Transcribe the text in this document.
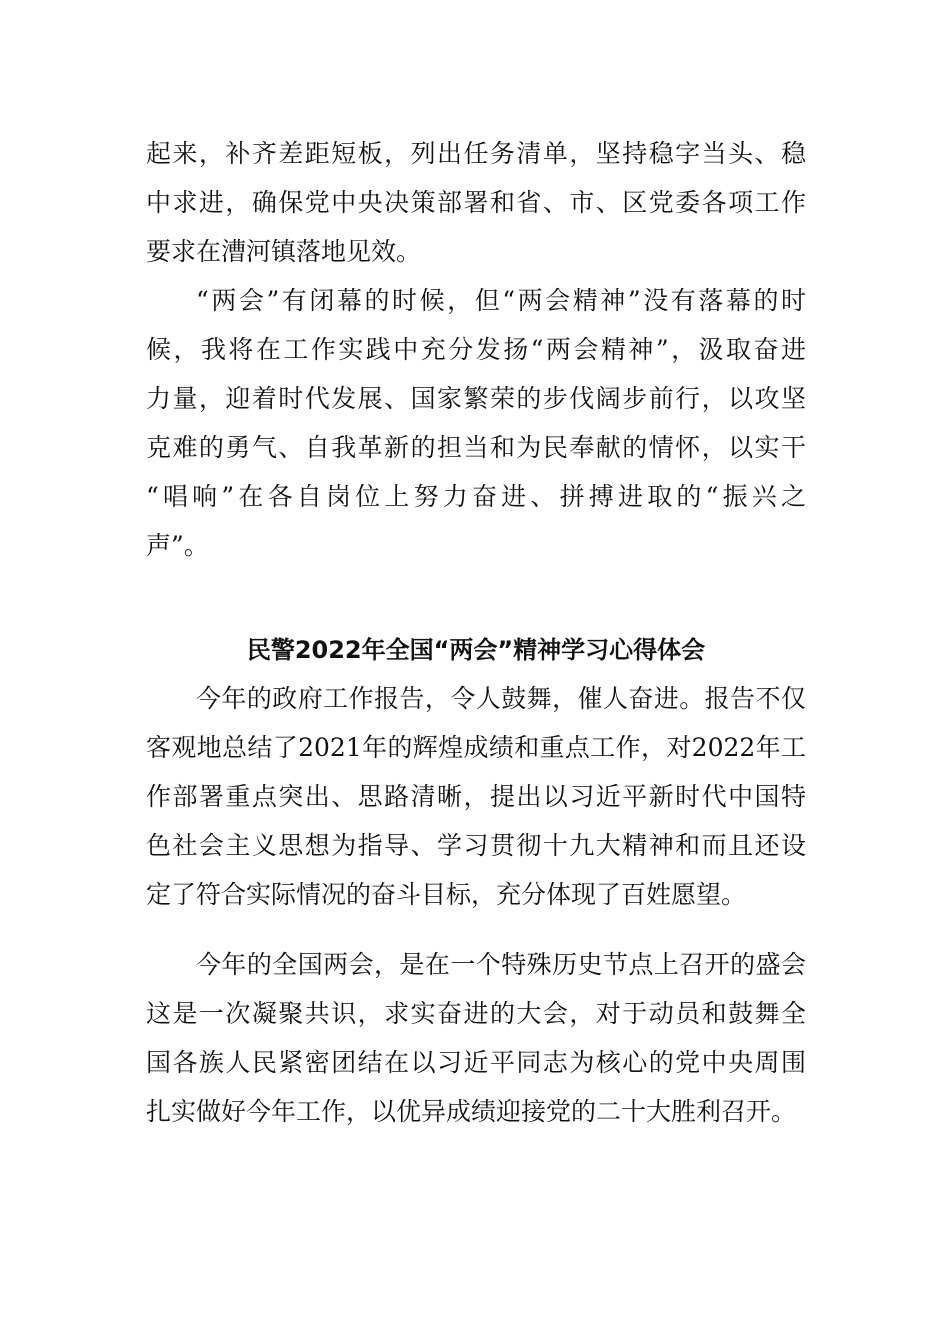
起来，补齐差距短板，列出任务清单，坚持稳字当头、稳
中求进，确保党中央决策部署和省、市、区党委各项工作
要求在漕河镇落地见效。
“两会”有闭幕的时候，但“两会精神”没有落幕的时
候，我将在工作实践中充分发扬“两会精神”，汲取奋进
力量，迎着时代发展、国家繁荣的步伐阔步前行，以攻坚
克难的勇气、自我革新的担当和为民奉献的情怀，以实干
“唱响”在各自岗位上努力奋进、拼搏进取的“振兴之
声”。
民警2022年全国“两会”精神学习心得体会
今年的政府工作报告，令人鼓舞，催人奋进。报告不仅
客观地总结了2021年的辉煌成绩和重点工作，对2022年工
作部署重点突出、思路清晰，提出以习近平新时代中国特
色社会主义思想为指导、学习贯彻十九大精神和而且还设
定了符合实际情况的奋斗目标，充分体现了百姓愿望。
今年的全国两会，是在一个特殊历史节点上召开的盛会
这是一次凝聚共识，求实奋进的大会，对于动员和鼓舞全
国各族人民紧密团结在以习近平同志为核心的党中央周围
扎实做好今年工作，以优异成绩迎接党的二十大胜利召开。
